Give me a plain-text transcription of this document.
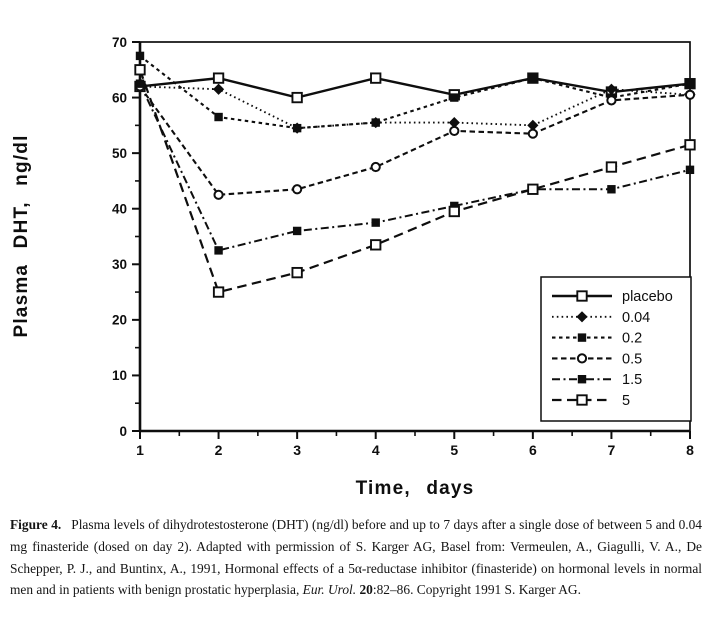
0
10
20
30
40
50
60
70
1	2	3	4	5	6	7	8
placebo
0.04
0.2
0.5
1.5
5
Time, days
Plasma DHT, ng/dl

Figure 4. Plasma levels of dihydrotestosterone (DHT) (ng/dl) before and up to 7 days after a single dose of between 5 and 0.04 mg finasteride (dosed on day 2). Adapted with permission of S. Karger AG, Basel from: Vermeulen, A., Giagulli, V. A., De Schepper, P. J., and Buntinx, A., 1991, Hormonal effects of a 5α-reductase inhibitor (finasteride) on hormonal levels in normal men and in patients with benign prostatic hyperplasia, Eur. Urol. 20:82–86. Copyright 1991 S. Karger AG.
